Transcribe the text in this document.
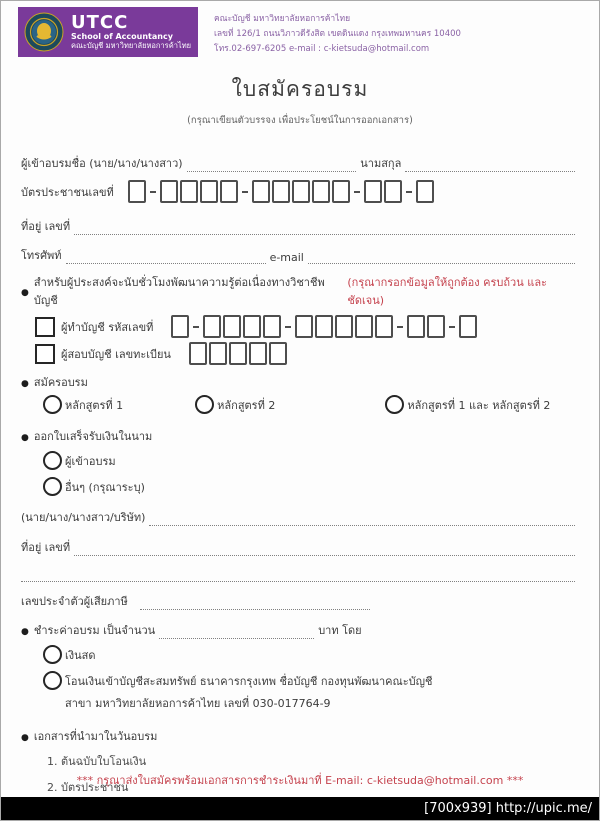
UTCC
School of Accountancy
คณะบัญชี มหาวิทยาลัยหอการค้าไทย
คณะบัญชี มหาวิทยาลัยหอการค้าไทย
เลขที่ 126/1 ถนนวิภาวดีรังสิต เขตดินแดง กรุงเทพมหานคร 10400
โทร.02-697-6205 e-mail : c-kietsuda@hotmail.com
ใบสมัครอบรม
(กรุณาเขียนตัวบรรจง เพื่อประโยชน์ในการออกเอกสาร)
ผู้เข้าอบรมชื่อ (นาย/นาง/นางสาว)	นามสกุล
บัตรประชาชนเลขที่
ที่อยู่ เลขที่
โทรศัพท์	e-mail
●
สำหรับผู้ประสงค์จะนับชั่วโมงพัฒนาความรู้ต่อเนื่องทางวิชาชีพบัญชี
(กรุณากรอกข้อมูลให้ถูกต้อง ครบถ้วน และชัดเจน)
ผู้ทำบัญชี รหัสเลขที่
ผู้สอบบัญชี เลขทะเบียน
●
สมัครอบรม
หลักสูตรที่ 1	หลักสูตรที่ 2	หลักสูตรที่ 1 และ หลักสูตรที่ 2
●
ออกใบเสร็จรับเงินในนาม
ผู้เข้าอบรม
อื่นๆ (กรุณาระบุ)
(นาย/นาง/นางสาว/บริษัท)
ที่อยู่ เลขที่
เลขประจำตัวผู้เสียภาษี
●
ชำระค่าอบรม เป็นจำนวน	บาท โดย
เงินสด
โอนเงินเข้าบัญชีสะสมทรัพย์ ธนาคารกรุงเทพ ชื่อบัญชี กองทุนพัฒนาคณะบัญชี
สาขา มหาวิทยาลัยหอการค้าไทย เลขที่ 030-017764-9
●
เอกสารที่นำมาในวันอบรม
1. ต้นฉบับใบโอนเงิน
2. บัตรประชาชน
*** กรุณาส่งใบสมัครพร้อมเอกสารการชำระเงินมาที่ E-mail: c-kietsuda@hotmail.com ***
[700x939] http://upic.me/
